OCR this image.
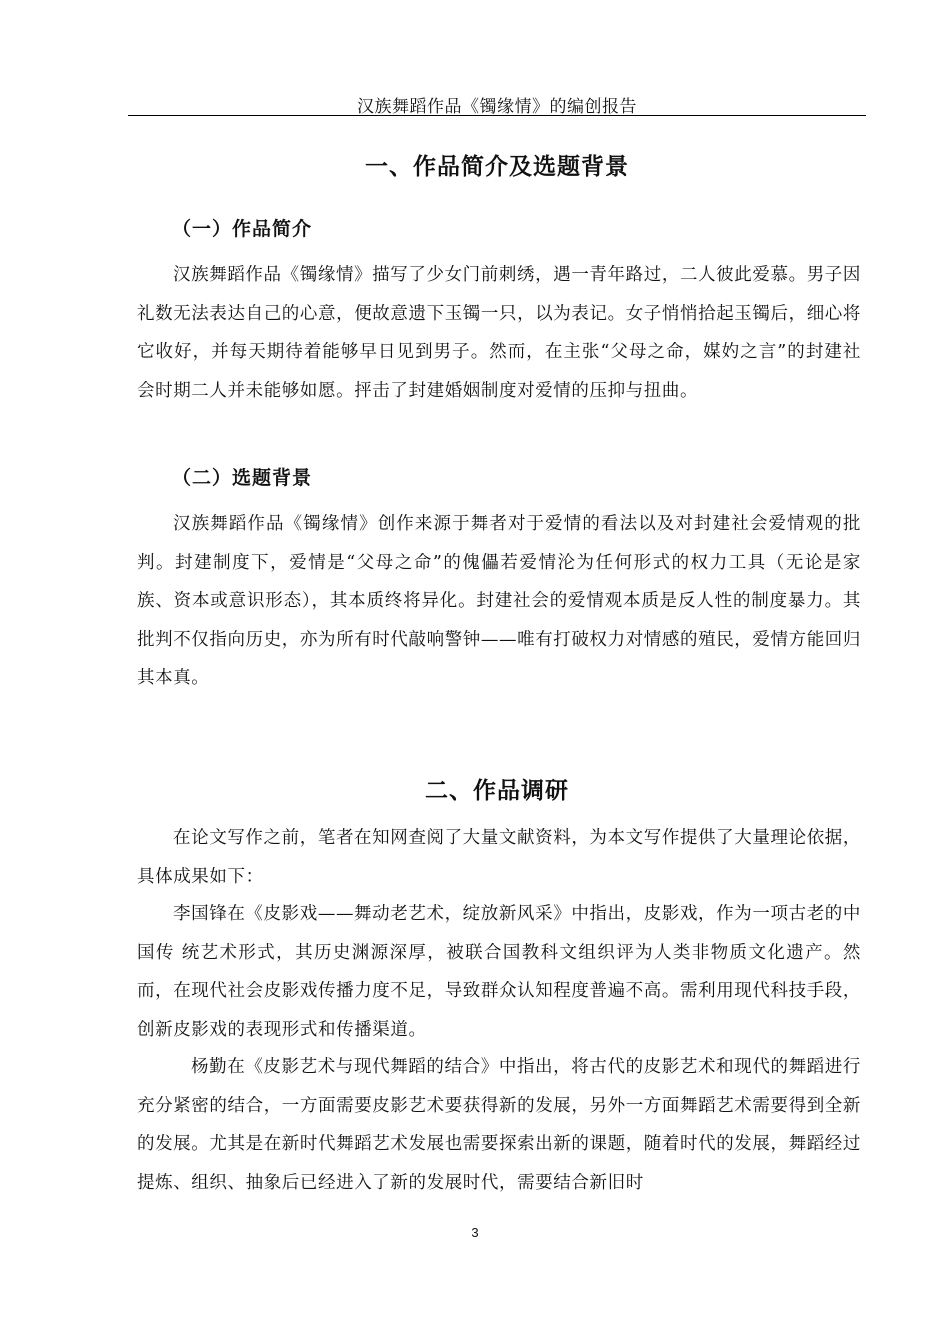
汉族舞蹈作品《镯缘情》的编创报告
一、作品简介及选题背景
（一）作品简介

汉族舞蹈作品《镯缘情》描写了少女门前刺绣，遇一青年路过，二人彼此爱慕。男子因礼数无法表达自己的心意，便故意遗下玉镯一只，以为表记。女子悄悄拾起玉镯后，细心将它收好，并每天期待着能够早日见到男子。然而，在主张“父母之命，媒妁之言”的封建社会时期二人并未能够如愿。抨击了封建婚姻制度对爱情的压抑与扭曲。

（二）选题背景

汉族舞蹈作品《镯缘情》创作来源于舞者对于爱情的看法以及对封建社会爱情观的批判。封建制度下，爱情是“父母之命”的傀儡若爱情沦为任何形式的权力工具（无论是家族、资本或意识形态），其本质终将异化。封建社会的爱情观本质是反人性的制度暴力。其批判不仅指向历史，亦为所有时代敲响警钟——唯有打破权力对情感的殖民，爱情方能回归其本真。

二、作品调研

在论文写作之前，笔者在知网查阅了大量文献资料，为本文写作提供了大量理论依据，具体成果如下：

李国锋在《皮影戏——舞动老艺术，绽放新风采》中指出，皮影戏，作为一项古老的中国传 统艺术形式，其历史渊源深厚，被联合国教科文组织评为人类非物质文化遗产。然而，在现代社会皮影戏传播力度不足，导致群众认知程度普遍不高。需利用现代科技手段，创新皮影戏的表现形式和传播渠道。

杨勤在《皮影艺术与现代舞蹈的结合》中指出，将古代的皮影艺术和现代的舞蹈进行充分紧密的结合，一方面需要皮影艺术要获得新的发展，另外一方面舞蹈艺术需要得到全新的发展。尤其是在新时代舞蹈艺术发展也需要探索出新的课题，随着时代的发展，舞蹈经过提炼、组织、抽象后已经进入了新的发展时代，需要结合新旧时

3
